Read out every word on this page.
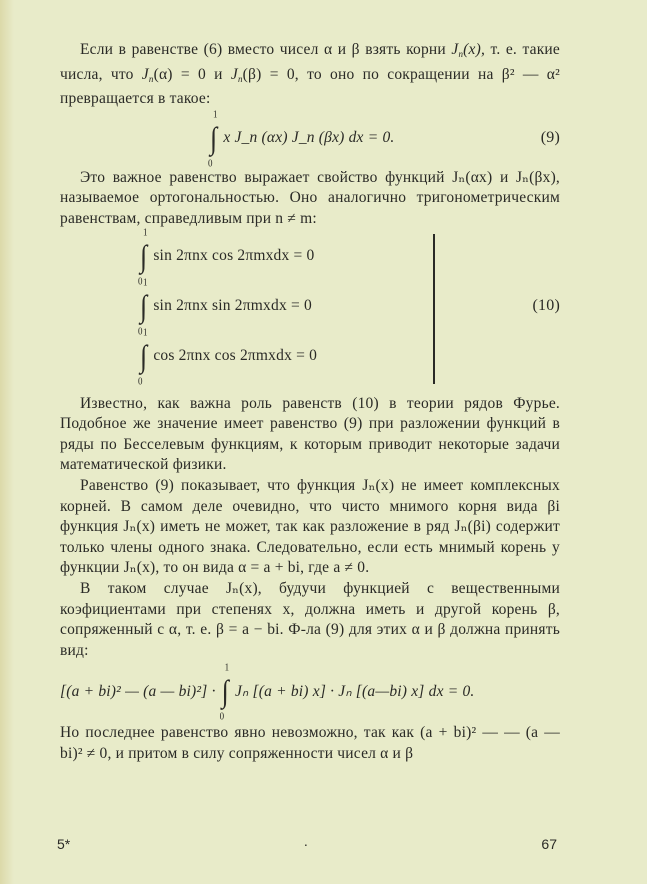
Если в равенстве (6) вместо чисел α и β взять корни $J_n(x)$, т. е. такие числа, что $J_n(\alpha) = 0$ и $J_n(\beta) = 0$, то оно по сокращении на β² — α² превращается в такое:

∫
1
0
x J_n (αx) J_n (βx) dx = 0.	(9)

Это важное равенство выражает свойство функций Jₙ(αx) и Jₙ(βx), называемое ортогональностью. Оно аналогично тригонометрическим равенствам, справедливым при n ≠ m:

∫
1
0
sin 2πnx cos 2πmxdx = 0
∫
1
0
sin 2πnx sin 2πmxdx = 0
∫
1
0
cos 2πnx cos 2πmxdx = 0
(10)

Известно, как важна роль равенств (10) в теории рядов Фурье. Подобное же значение имеет равенство (9) при разложении функций в ряды по Бесселевым функциям, к которым приводит некоторые задачи математической физики.

Равенство (9) показывает, что функция Jₙ(x) не имеет комплексных корней. В самом деле очевидно, что чисто мнимого корня вида βi функция Jₙ(x) иметь не может, так как разложение в ряд Jₙ(βi) содержит только члены одного знака. Следовательно, если есть мнимый корень у функции Jₙ(x), то он вида α = a + bi, где a ≠ 0.

В таком случае Jₙ(x), будучи функцией с вещественными коэфициентами при степенях x, должна иметь и другой корень β, сопряженный с α, т. е. β = a − bi. Ф-ла (9) для этих α и β должна принять вид:

[(a + bi)² — (a — bi)²] · ∫
1
0
Jₙ [(a + bi) x] · Jₙ [(a—bi) x] dx = 0.

Но последнее равенство явно невозможно, так как (a + bi)² — — (a — bi)² ≠ 0, и притом в силу сопряженности чисел α и β

5*	·	67
